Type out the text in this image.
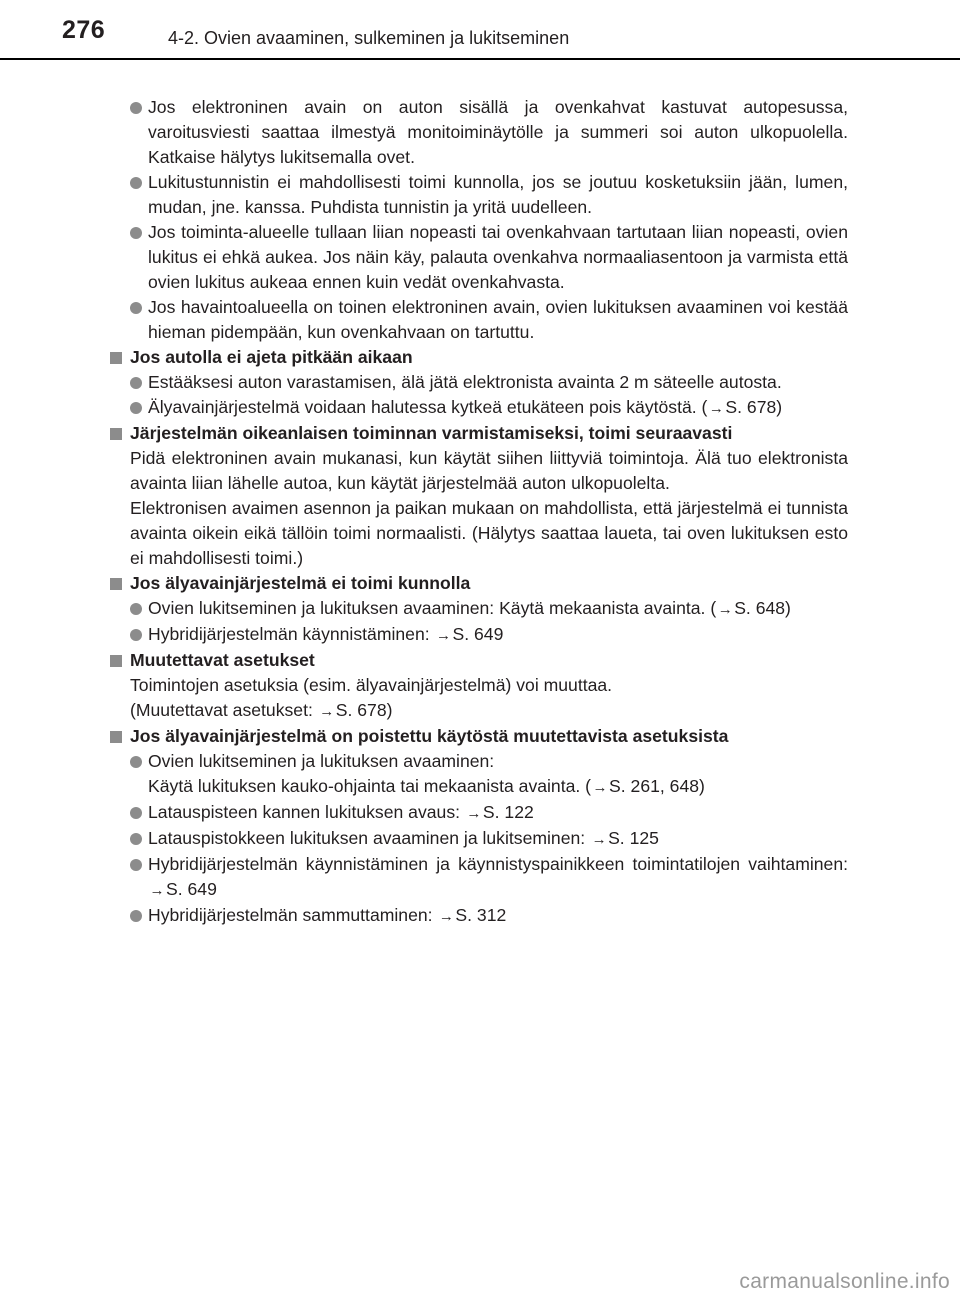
276	4-2. Ovien avaaminen, sulkeminen ja lukitseminen

Jos elektroninen avain on auton sisällä ja ovenkahvat kastuvat autopesussa, varoitusviesti saattaa ilmestyä monitoiminäytölle ja summeri soi auton ulkopuolella. Katkaise hälytys lukitsemalla ovet.

Lukitustunnistin ei mahdollisesti toimi kunnolla, jos se joutuu kosketuksiin jään, lumen, mudan, jne. kanssa. Puhdista tunnistin ja yritä uudelleen.

Jos toiminta-alueelle tullaan liian nopeasti tai ovenkahvaan tartutaan liian nopeasti, ovien lukitus ei ehkä aukea. Jos näin käy, palauta ovenkahva normaaliasentoon ja varmista että ovien lukitus aukeaa ennen kuin vedät ovenkahvasta.

Jos havaintoalueella on toinen elektroninen avain, ovien lukituksen avaaminen voi kestää hieman pidempään, kun ovenkahvaan on tartuttu.

Jos autolla ei ajeta pitkään aikaan

Estääksesi auton varastamisen, älä jätä elektronista avainta 2 m säteelle autosta.

Älyavainjärjestelmä voidaan halutessa kytkeä etukäteen pois käytöstä. ( →S. 678)

Järjestelmän oikeanlaisen toiminnan varmistamiseksi, toimi seuraavasti

Pidä elektroninen avain mukanasi, kun käytät siihen liittyviä toimintoja. Älä tuo elektronista avainta liian lähelle autoa, kun käytät järjestelmää auton ulkopuolelta.

Elektronisen avaimen asennon ja paikan mukaan on mahdollista, että järjestelmä ei tunnista avainta oikein eikä tällöin toimi normaalisti. (Hälytys saattaa laueta, tai oven lukituksen esto ei mahdollisesti toimi.)

Jos älyavainjärjestelmä ei toimi kunnolla

Ovien lukitseminen ja lukituksen avaaminen: Käytä mekaanista avainta. ( →S. 648)

Hybridijärjestelmän käynnistäminen: →S. 649

Muutettavat asetukset

Toimintojen asetuksia (esim. älyavainjärjestelmä) voi muuttaa.

(Muutettavat asetukset: →S. 678)

Jos älyavainjärjestelmä on poistettu käytöstä muutettavista asetuksista

Ovien lukitseminen ja lukituksen avaaminen:
Käytä lukituksen kauko-ohjainta tai mekaanista avainta. ( →S. 261, 648)

Latauspisteen kannen lukituksen avaus: →S. 122

Latauspistokkeen lukituksen avaaminen ja lukitseminen: →S. 125

Hybridijärjestelmän käynnistäminen ja käynnistyspainikkeen toimintatilojen vaihtaminen: →S. 649

Hybridijärjestelmän sammuttaminen: →S. 312

carmanualsonline.info
